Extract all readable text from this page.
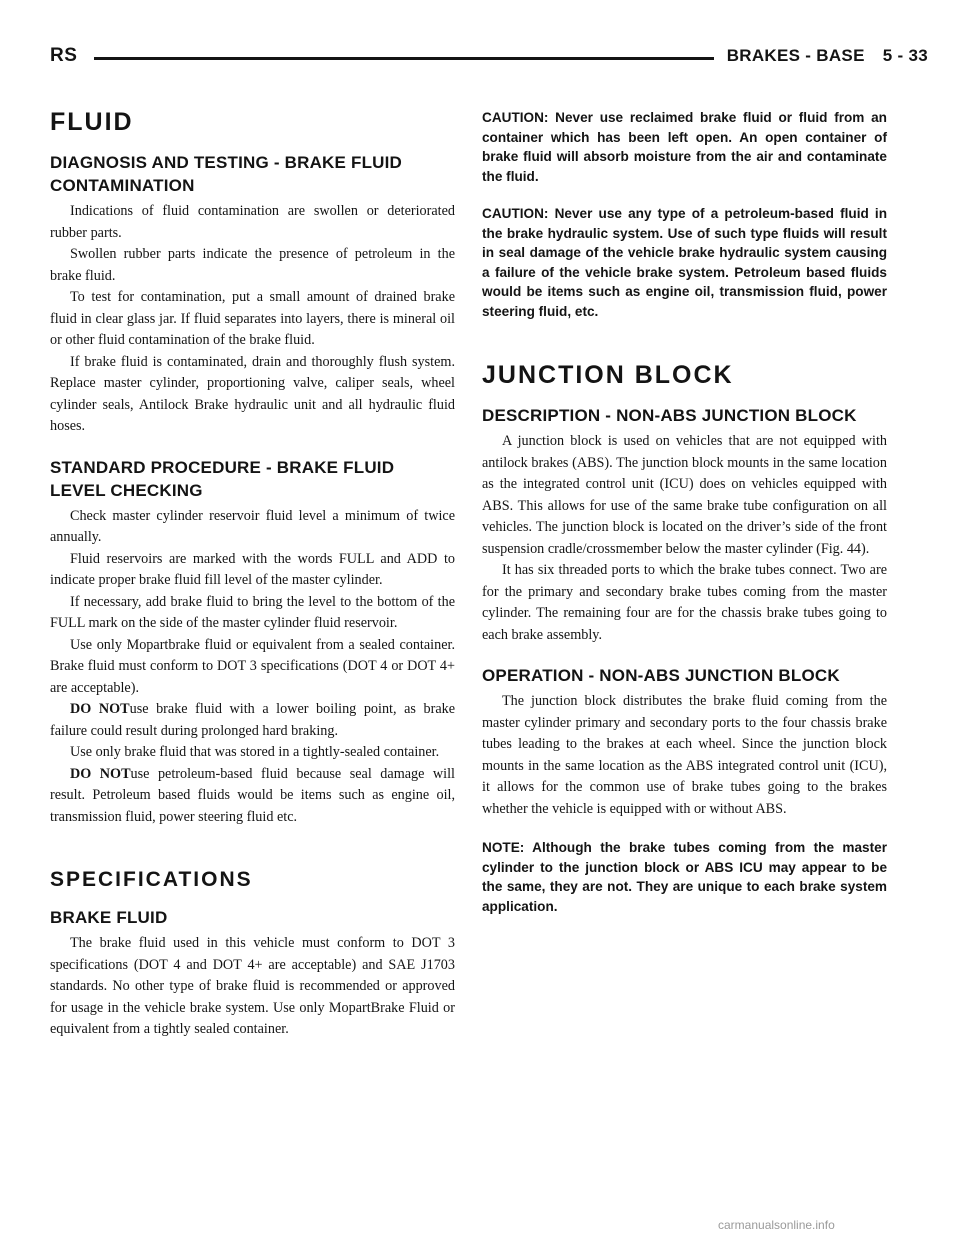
RS	BRAKES - BASE 5 - 33
FLUID
DIAGNOSIS AND TESTING - BRAKE FLUID
CONTAMINATION

Indications of fluid contamination are swollen or deteriorated rubber parts.

Swollen rubber parts indicate the presence of petroleum in the brake fluid.

To test for contamination, put a small amount of drained brake fluid in clear glass jar. If fluid separates into layers, there is mineral oil or other fluid contamination of the brake fluid.

If brake fluid is contaminated, drain and thoroughly flush system. Replace master cylinder, proportioning valve, caliper seals, wheel cylinder seals, Antilock Brake hydraulic unit and all hydraulic fluid hoses.

STANDARD PROCEDURE - BRAKE FLUID
LEVEL CHECKING

Check master cylinder reservoir fluid level a minimum of twice annually.

Fluid reservoirs are marked with the words FULL and ADD to indicate proper brake fluid fill level of the master cylinder.

If necessary, add brake fluid to bring the level to the bottom of the FULL mark on the side of the master cylinder fluid reservoir.

Use only Mopartbrake fluid or equivalent from a sealed container. Brake fluid must conform to DOT 3 specifications (DOT 4 or DOT 4+ are acceptable).

DO NOTuse brake fluid with a lower boiling point, as brake failure could result during prolonged hard braking.

Use only brake fluid that was stored in a tightly-sealed container.

DO NOTuse petroleum-based fluid because seal damage will result. Petroleum based fluids would be items such as engine oil, transmission fluid, power steering fluid etc.

SPECIFICATIONS
BRAKE FLUID

The brake fluid used in this vehicle must conform to DOT 3 specifications (DOT 4 and DOT 4+ are acceptable) and SAE J1703 standards. No other type of brake fluid is recommended or approved for usage in the vehicle brake system. Use only MopartBrake Fluid or equivalent from a tightly sealed container.

CAUTION: Never use reclaimed brake fluid or fluid from an container which has been left open. An open container of brake fluid will absorb moisture from the air and contaminate the fluid.

CAUTION: Never use any type of a petroleum-based fluid in the brake hydraulic system. Use of such type fluids will result in seal damage of the vehicle brake hydraulic system causing a failure of the vehicle brake system. Petroleum based fluids would be items such as engine oil, transmission fluid, power steering fluid, etc.

JUNCTION BLOCK
DESCRIPTION - NON-ABS JUNCTION BLOCK

A junction block is used on vehicles that are not equipped with antilock brakes (ABS). The junction block mounts in the same location as the integrated control unit (ICU) does on vehicles equipped with ABS. This allows for use of the same brake tube configuration on all vehicles. The junction block is located on the driver’s side of the front suspension cradle/crossmember below the master cylinder (Fig. 44).

It has six threaded ports to which the brake tubes connect. Two are for the primary and secondary brake tubes coming from the master cylinder. The remaining four are for the chassis brake tubes going to each brake assembly.

OPERATION - NON-ABS JUNCTION BLOCK

The junction block distributes the brake fluid coming from the master cylinder primary and secondary ports to the four chassis brake tubes leading to the brakes at each wheel. Since the junction block mounts in the same location as the ABS integrated control unit (ICU), it allows for the common use of brake tubes going to the brakes whether the vehicle is equipped with or without ABS.

NOTE: Although the brake tubes coming from the master cylinder to the junction block or ABS ICU may appear to be the same, they are not. They are unique to each brake system application.

carmanualsonline.info
